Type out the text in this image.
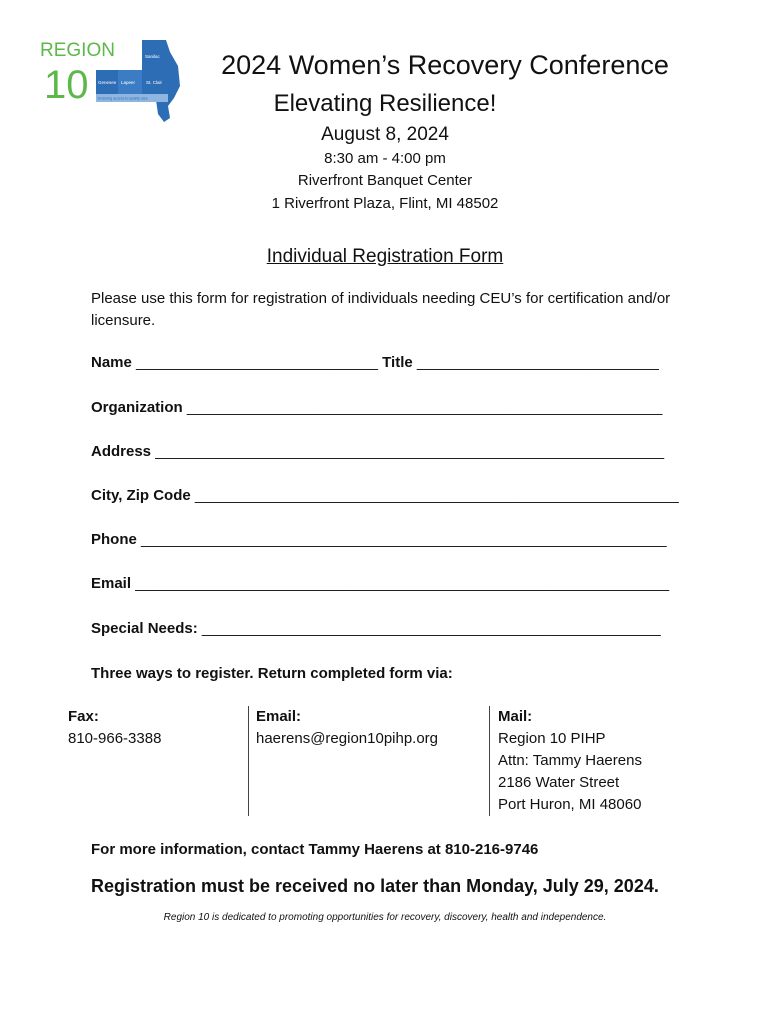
REGION
10
Sanilac
Genesee Lapeer St. Clair
Ensuring access to quality care
2024 Women’s Recovery Conference
Elevating Resilience!
August 8, 2024
8:30 am - 4:00 pm
Riverfront Banquet Center
1 Riverfront Plaza, Flint, MI 48502
Individual Registration Form
Please use this form for registration of individuals needing CEU’s for certification and/or licensure.
Name _____________________________ Title _____________________________
Organization _________________________________________________________
Address _____________________________________________________________
City, Zip Code __________________________________________________________
Phone _______________________________________________________________
Email ________________________________________________________________
Special Needs: _______________________________________________________
Three ways to register. Return completed form via:
Fax:
810-966-3388
Email:
haerens@region10pihp.org
Mail:
Region 10 PIHP
Attn: Tammy Haerens
2186 Water Street
Port Huron, MI 48060
For more information, contact Tammy Haerens at 810-216-9746
Registration must be received no later than Monday, July 29, 2024.
Region 10 is dedicated to promoting opportunities for recovery, discovery, health and independence.
